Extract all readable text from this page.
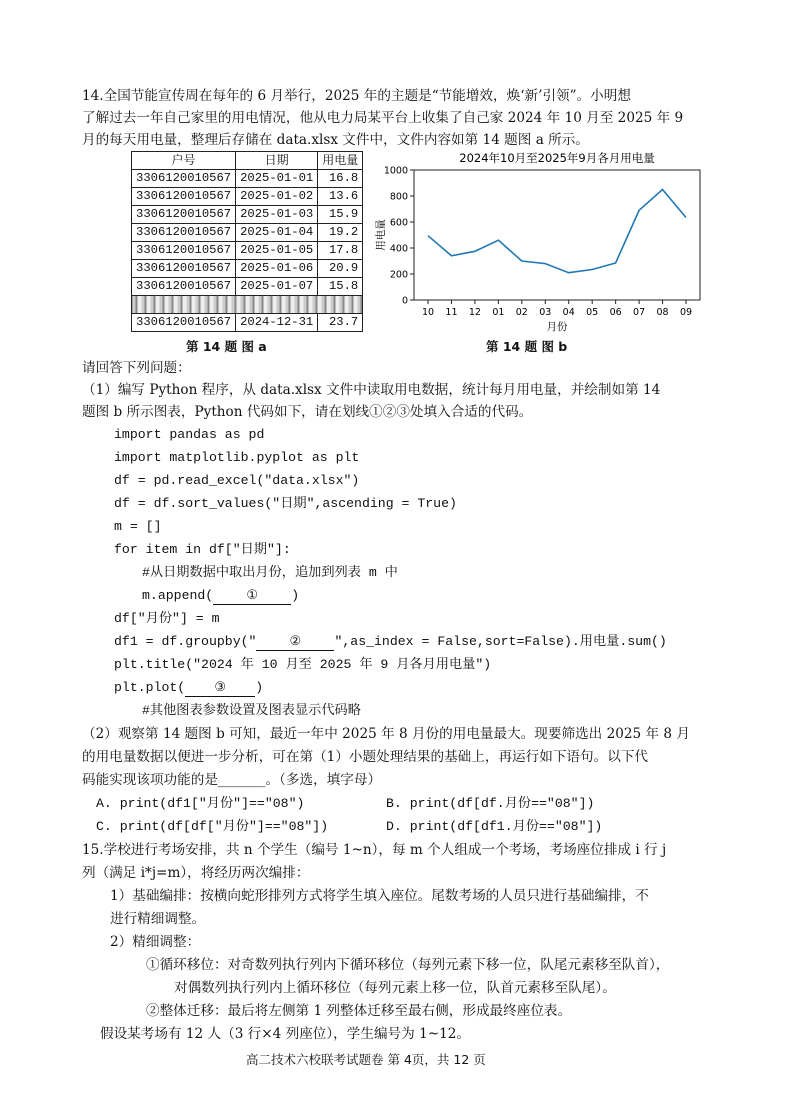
14.全国节能宣传周在每年的 6 月举行，2025 年的主题是“节能增效，焕‘新’引领”。小明想
了解过去一年自己家里的用电情况，他从电力局某平台上收集了自己家 2024 年 10 月至 2025 年 9
月的每天用电量，整理后存储在 data.xlsx 文件中，文件内容如第 14 题图 a 所示。
户号	日期	用电量
3306120010567	2025-01-01	16.8
3306120010567	2025-01-02	13.6
3306120010567	2025-01-03	15.9
3306120010567	2025-01-04	19.2
3306120010567	2025-01-05	17.8
3306120010567	2025-01-06	20.9
3306120010567	2025-01-07	15.8

3306120010567	2024-12-31	23.7
第 14 题 图 a
2024年10月至2025年9月各月用电量
0
200
400
600
800
1000
10 11 12 01 02 03 04 05 06 07 08 09
用电量
月份
第 14 题 图 b
请回答下列问题：
（1）编写 Python 程序，从 data.xlsx 文件中读取用电数据，统计每月用电量，并绘制如第 14
题图 b 所示图表，Python 代码如下，请在划线①②③处填入合适的代码。
import pandas as pd
import matplotlib.pyplot as plt
df = pd.read_excel("data.xlsx")
df = df.sort_values("日期",ascending = True)
m = []
for item in df["日期"]:
#从日期数据中取出月份，追加到列表 m 中
m.append(	①	)
df["月份"] = m
df1 = df.groupby("	②	",as_index = False,sort=False).用电量.sum()
plt.title("2024 年 10 月至 2025 年 9 月各月用电量")
plt.plot( ③ )
#其他图表参数设置及图表显示代码略
（2）观察第 14 题图 b 可知，最近一年中 2025 年 8 月份的用电量最大。现要筛选出 2025 年 8 月
的用电量数据以便进一步分析，可在第（1）小题处理结果的基础上，再运行如下语句。以下代
码能实现该项功能的是_______。（多选，填字母）
A. print(df1["月份"]=="08")	B. print(df[df.月份=="08"])
C. print(df[df["月份"]=="08"])	D. print(df[df1.月份=="08"])
15.学校进行考场安排，共 n 个学生（编号 1~n），每 m 个人组成一个考场，考场座位排成 i 行 j
列（满足 i*j=m），将经历两次编排：
1）基础编排：按横向蛇形排列方式将学生填入座位。尾数考场的人员只进行基础编排，不
进行精细调整。
2）精细调整：
①循环移位：对奇数列执行列内下循环移位（每列元素下移一位，队尾元素移至队首），
对偶数列执行列内上循环移位（每列元素上移一位，队首元素移至队尾）。
②整体迁移：最后将左侧第 1 列整体迁移至最右侧，形成最终座位表。
假设某考场有 12 人（3 行×4 列座位），学生编号为 1~12。
高二技术六校联考试题卷 第 4页，共 12 页
